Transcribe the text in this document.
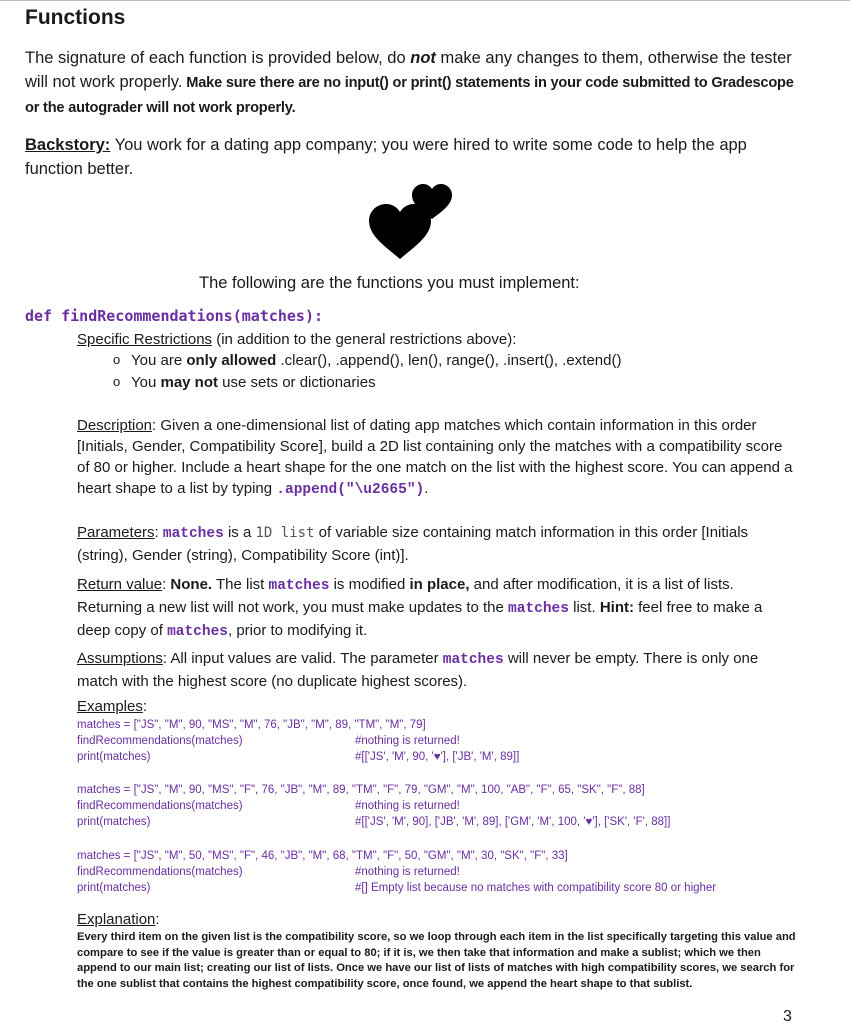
Functions

The signature of each function is provided below, do not make any changes to them, otherwise the tester will not work properly. Make sure there are no input() or print() statements in your code submitted to Gradescope or the autograder will not work properly.

Backstory: You work for a dating app company; you were hired to write some code to help the app function better.

The following are the functions you must implement:

def findRecommendations(matches):

Specific Restrictions (in addition to the general restrictions above):

o You are only allowed .clear(), .append(), len(), range(), .insert(), .extend()

o You may not use sets or dictionaries

Description: Given a one-dimensional list of dating app matches which contain information in this order [Initials, Gender, Compatibility Score], build a 2D list containing only the matches with a compatibility score of 80 or higher. Include a heart shape for the one match on the list with the highest score. You can append a heart shape to a list by typing .append("\u2665").

Parameters: matches is a 1D list of variable size containing match information in this order [Initials (string), Gender (string), Compatibility Score (int)].

Return value: None. The list matches is modified in place, and after modification, it is a list of lists. Returning a new list will not work, you must make updates to the matches list. Hint: feel free to make a deep copy of matches, prior to modifying it.

Assumptions: All input values are valid. The parameter matches will never be empty. There is only one match with the highest score (no duplicate highest scores).

Examples:

matches = ["JS", "M", 90, "MS", "M", 76, "JB", "M", 89, "TM", "M", 79]
findRecommendations(matches)
print(matches)
#nothing is returned!
#[['JS', 'M', 90, '♥'], ['JB', 'M', 89]]
matches = ["JS", "M", 90, "MS", "F", 76, "JB", "M", 89, "TM", "F", 79, "GM", "M", 100, "AB", "F", 65, "SK", "F", 88]
findRecommendations(matches)
print(matches)
#nothing is returned!
#[['JS', 'M', 90], ['JB', 'M', 89], ['GM', 'M', 100, '♥'], ['SK', 'F', 88]]
matches = ["JS", "M", 50, "MS", "F", 46, "JB", "M", 68, "TM", "F", 50, "GM", "M", 30, "SK", "F", 33]
findRecommendations(matches)
print(matches)
#nothing is returned!
#[] Empty list because no matches with compatibility score 80 or higher

Explanation:

Every third item on the given list is the compatibility score, so we loop through each item in the list specifically targeting this value and compare to see if the value is greater than or equal to 80; if it is, we then take that information and make a sublist; which we then append to our main list; creating our list of lists. Once we have our list of lists of matches with high compatibility scores, we search for the one sublist that contains the highest compatibility score, once found, we append the heart shape to that sublist.

3
